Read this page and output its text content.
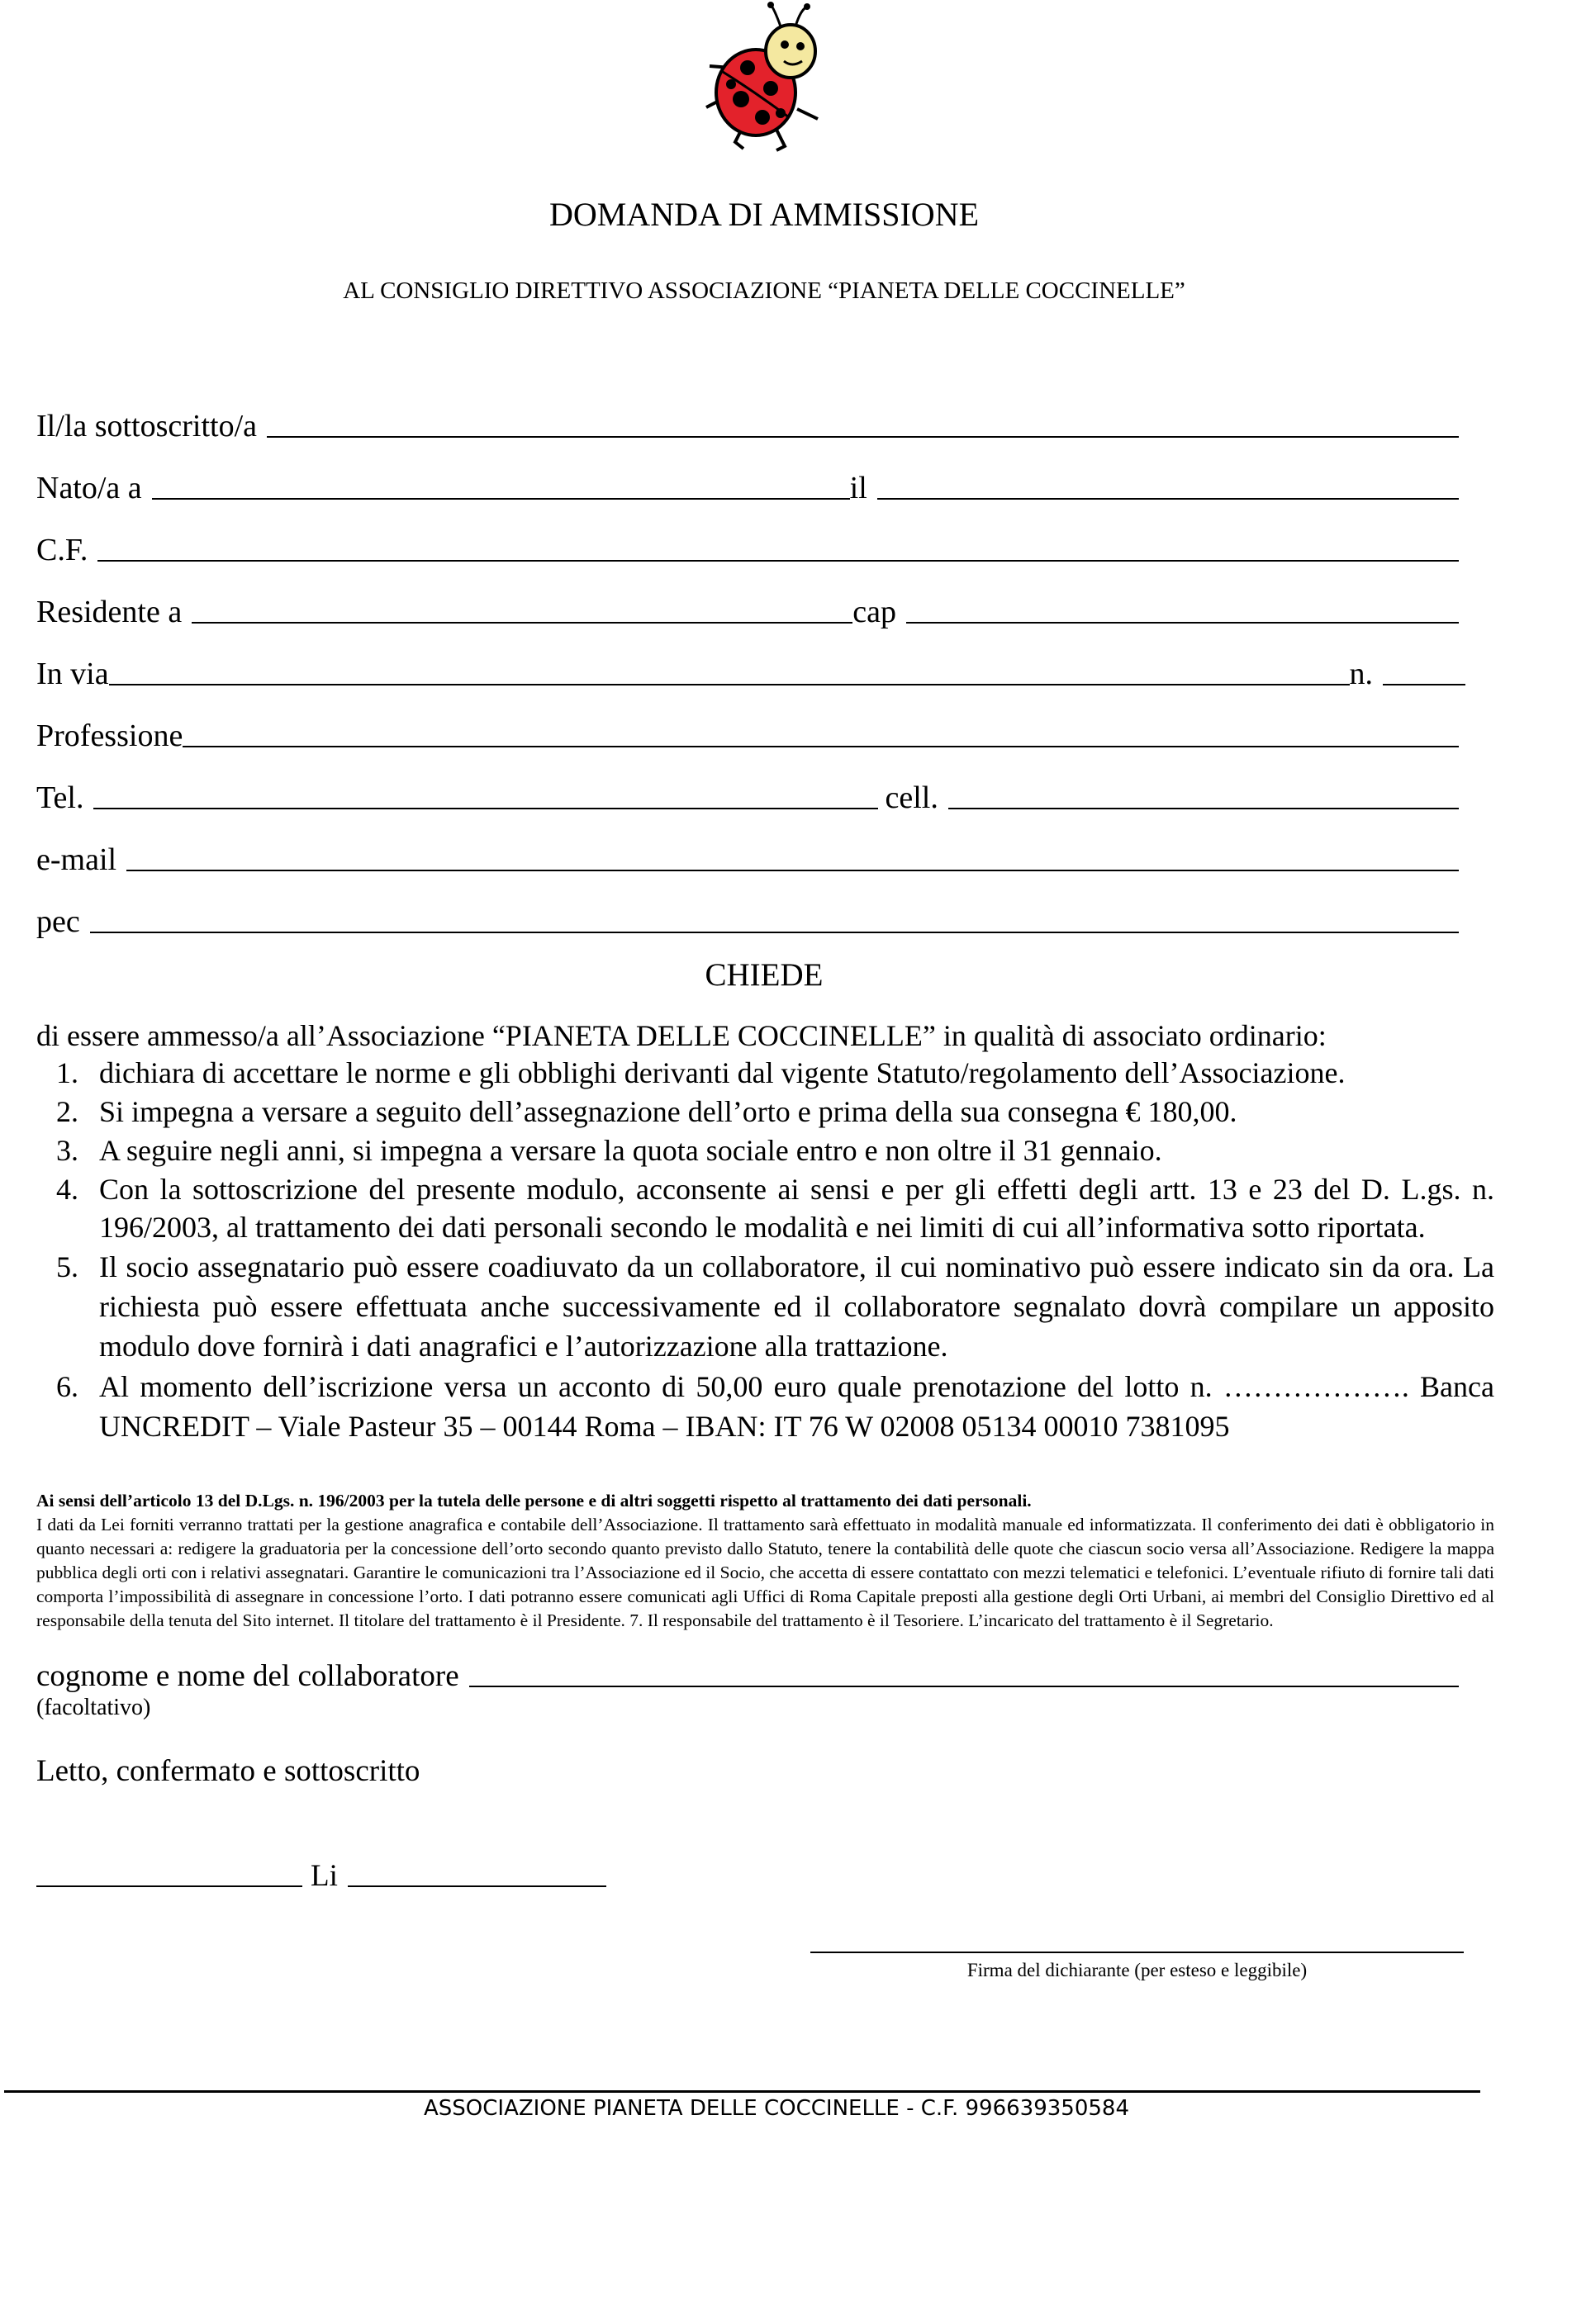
DOMANDA DI AMMISSIONE
AL CONSIGLIO DIRETTIVO ASSOCIAZIONE “PIANETA DELLE COCCINELLE”
Il/la sottoscritto/a
Nato/a a	il
C.F.
Residente a	cap
In via	n.
Professione
Tel.	cell.
e-mail
pec
CHIEDE
di essere ammesso/a all’Associazione “PIANETA DELLE COCCINELLE” in qualità di associato ordinario:
1. dichiara di accettare le norme e gli obblighi derivanti dal vigente Statuto/regolamento dell’Associazione.
2. Si impegna a versare a seguito dell’assegnazione dell’orto e prima della sua consegna € 180,00.
3. A seguire negli anni, si impegna a versare la quota sociale entro e non oltre il 31 gennaio.
4. Con la sottoscrizione del presente modulo, acconsente ai sensi e per gli effetti degli artt. 13 e 23 del D. L.gs. n. 196/2003, al trattamento dei dati personali secondo le modalità e nei limiti di cui all’informativa sotto riportata.
5. Il socio assegnatario può essere coadiuvato da un collaboratore, il cui nominativo può essere indicato sin da ora. La richiesta può essere effettuata anche successivamente ed il collaboratore segnalato dovrà compilare un apposito modulo dove fornirà i dati anagrafici e l’autorizzazione alla trattazione.
6. Al momento dell’iscrizione versa un acconto di 50,00 euro quale prenotazione del lotto n. ………………. Banca UNCREDIT – Viale Pasteur 35 – 00144 Roma – IBAN: IT 76 W 02008 05134 00010 7381095
Ai sensi dell’articolo 13 del D.Lgs. n. 196/2003 per la tutela delle persone e di altri soggetti rispetto al trattamento dei dati personali.
I dati da Lei forniti verranno trattati per la gestione anagrafica e contabile dell’Associazione. Il trattamento sarà effettuato in modalità manuale ed informatizzata. Il conferimento dei dati è obbligatorio in quanto necessari a: redigere la graduatoria per la concessione dell’orto secondo quanto previsto dallo Statuto, tenere la contabilità delle quote che ciascun socio versa all’Associazione. Redigere la mappa pubblica degli orti con i relativi assegnatari. Garantire le comunicazioni tra l’Associazione ed il Socio, che accetta di essere contattato con mezzi telematici e telefonici. L’eventuale rifiuto di fornire tali dati comporta l’impossibilità di assegnare in concessione l’orto. I dati potranno essere comunicati agli Uffici di Roma Capitale preposti alla gestione degli Orti Urbani, ai membri del Consiglio Direttivo ed al responsabile della tenuta del Sito internet. Il titolare del trattamento è il Presidente. 7. Il responsabile del trattamento è il Tesoriere. L’incaricato del trattamento è il Segretario.
cognome e nome del collaboratore
(facoltativo)
Letto, confermato e sottoscritto
Li
Firma del dichiarante (per esteso e leggibile)
ASSOCIAZIONE PIANETA DELLE COCCINELLE - C.F. 996639350584
